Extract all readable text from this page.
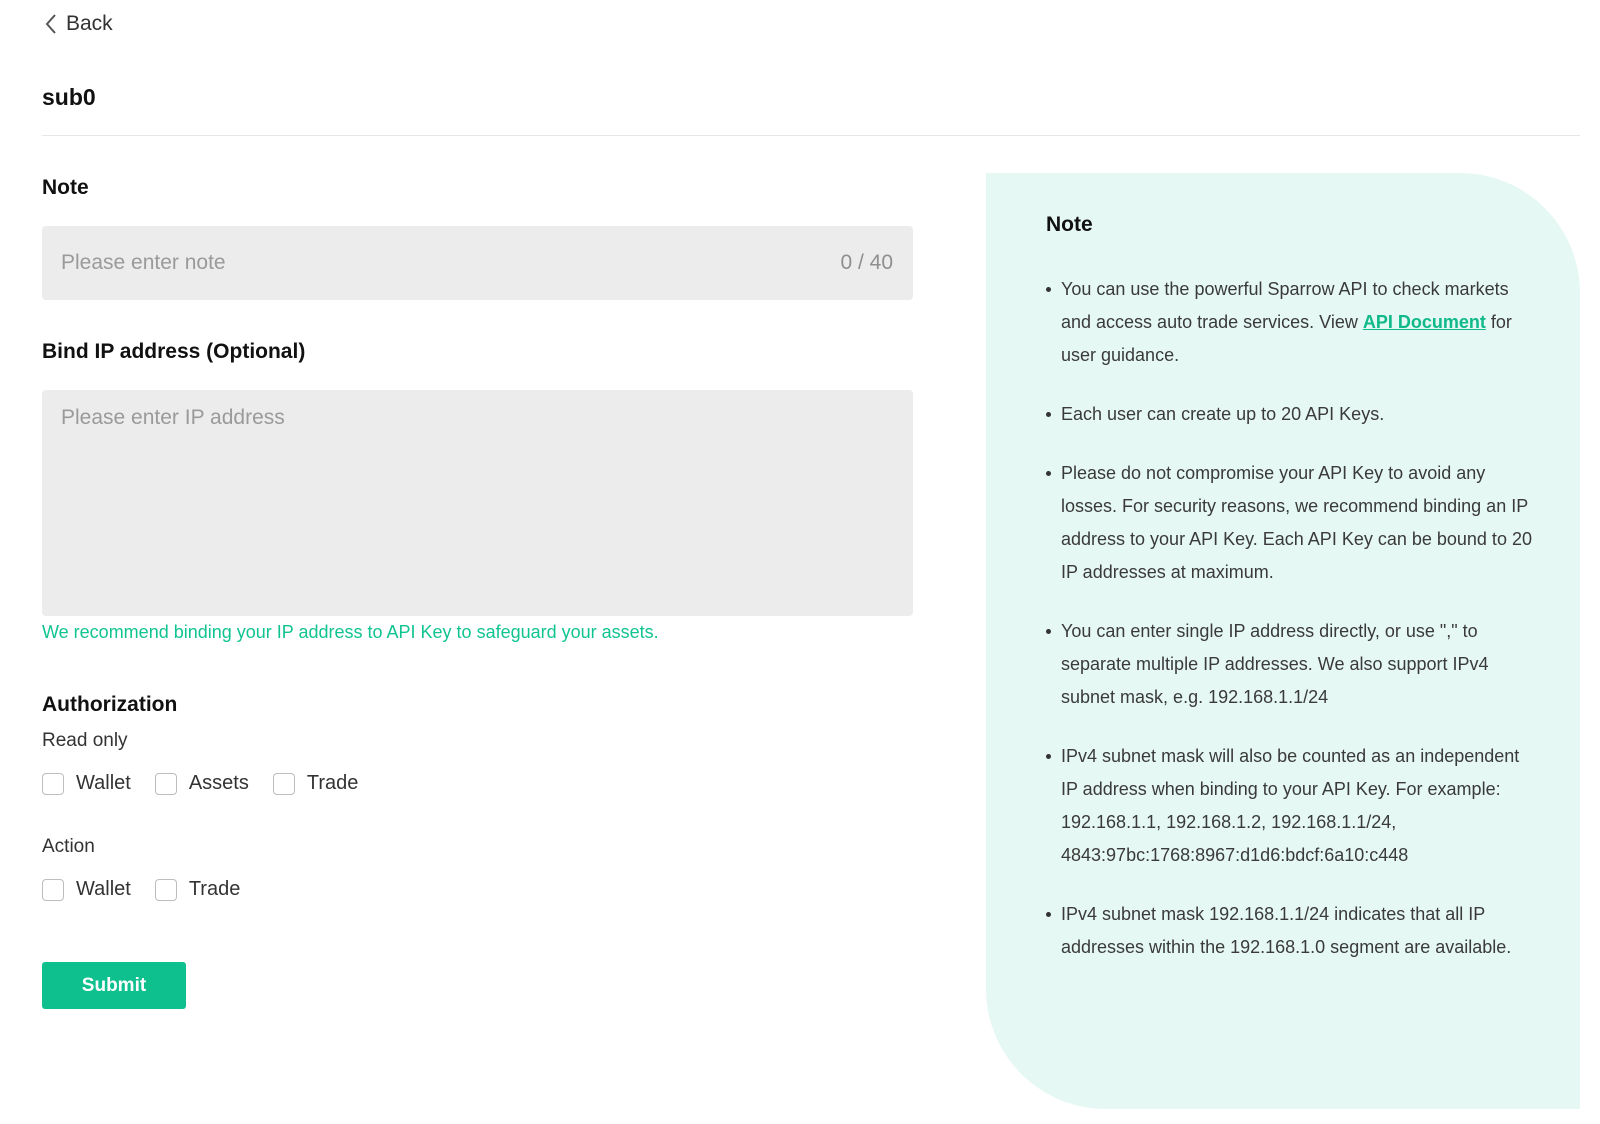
Back
sub0
Note
Please enter note
0 / 40
Bind IP address (Optional)
Please enter IP address
We recommend binding your IP address to API Key to safeguard your assets.
Authorization
Read only
Wallet	Assets	Trade
Action
Wallet	Trade
Submit
Note
You can use the powerful Sparrow API to check markets and access auto trade services. View API Document for user guidance.
Each user can create up to 20 API Keys.
Please do not compromise your API Key to avoid any losses. For security reasons, we recommend binding an IP address to your API Key. Each API Key can be bound to 20 IP addresses at maximum.
You can enter single IP address directly, or use "," to separate multiple IP addresses. We also support IPv4 subnet mask, e.g. 192.168.1.1/24
IPv4 subnet mask will also be counted as an independent IP address when binding to your API Key. For example: 192.168.1.1, 192.168.1.2, 192.168.1.1/24, 4843:97bc:1768:8967:d1d6:bdcf:6a10:c448
IPv4 subnet mask 192.168.1.1/24 indicates that all IP addresses within the 192.168.1.0 segment are available.
